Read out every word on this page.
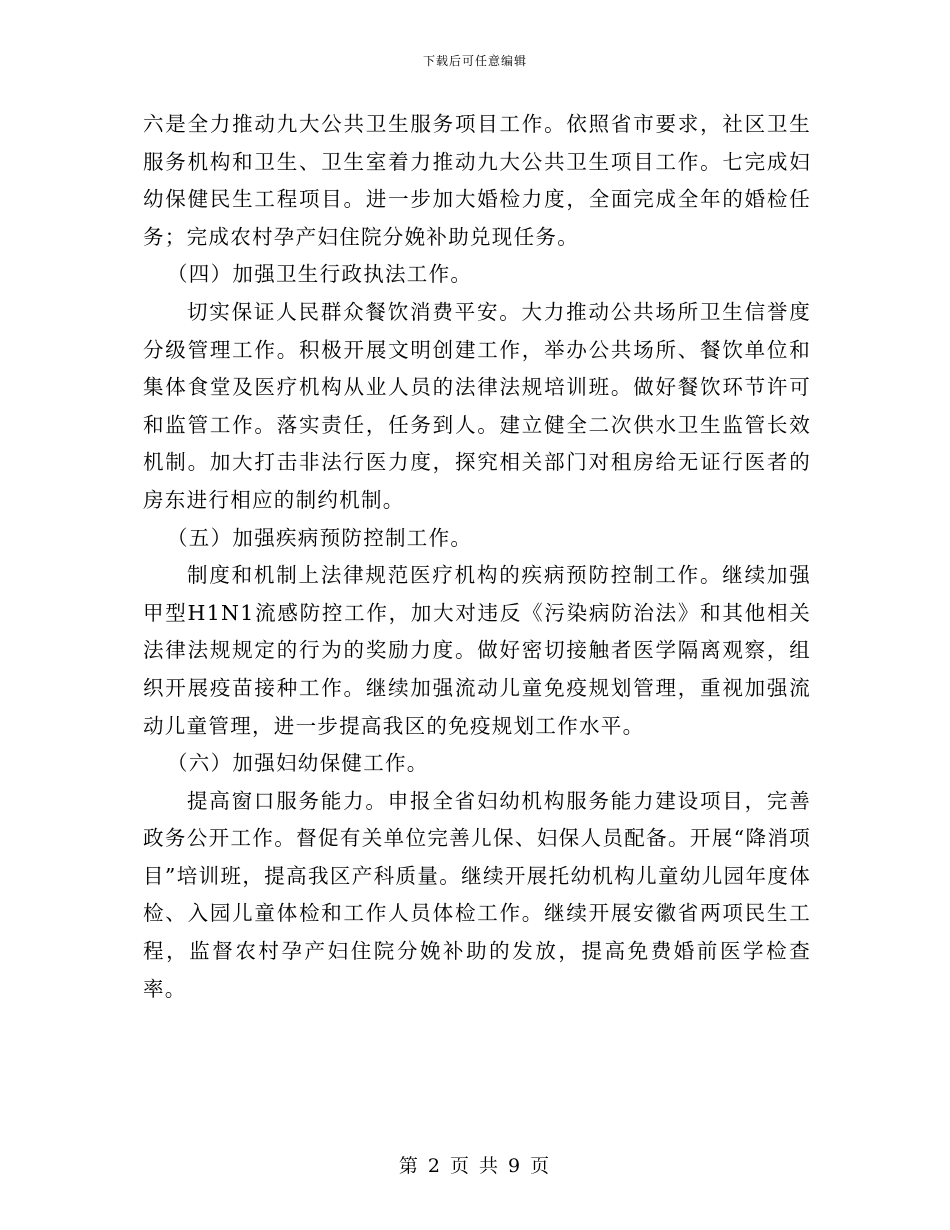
下载后可任意编辑

六是全力推动九大公共卫生服务项目工作。依照省市要求，社区卫生服务机构和卫生、卫生室着力推动九大公共卫生项目工作。七完成妇幼保健民生工程项目。进一步加大婚检力度，全面完成全年的婚检任务；完成农村孕产妇住院分娩补助兑现任务。

（四）加强卫生行政执法工作。

切实保证人民群众餐饮消费平安。大力推动公共场所卫生信誉度分级管理工作。积极开展文明创建工作，举办公共场所、餐饮单位和集体食堂及医疗机构从业人员的法律法规培训班。做好餐饮环节许可和监管工作。落实责任，任务到人。建立健全二次供水卫生监管长效机制。加大打击非法行医力度，探究相关部门对租房给无证行医者的房东进行相应的制约机制。

（五）加强疾病预防控制工作。

制度和机制上法律规范医疗机构的疾病预防控制工作。继续加强甲型H1N1流感防控工作，加大对违反《污染病防治法》和其他相关法律法规规定的行为的奖励力度。做好密切接触者医学隔离观察，组织开展疫苗接种工作。继续加强流动儿童免疫规划管理，重视加强流动儿童管理，进一步提高我区的免疫规划工作水平。

（六）加强妇幼保健工作。

提高窗口服务能力。申报全省妇幼机构服务能力建设项目，完善政务公开工作。督促有关单位完善儿保、妇保人员配备。开展“降消项目”培训班，提高我区产科质量。继续开展托幼机构儿童幼儿园年度体检、入园儿童体检和工作人员体检工作。继续开展安徽省两项民生工程，监督农村孕产妇住院分娩补助的发放，提高免费婚前医学检查率。

第 2 页 共 9 页
